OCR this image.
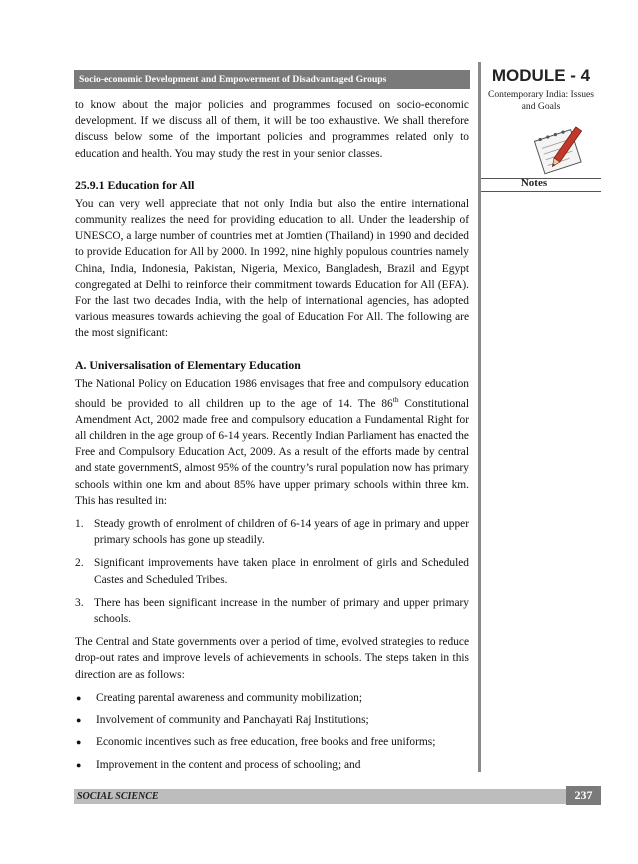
Socio-economic Development and Empowerment of Disadvantaged Groups	MODULE - 4
Contemporary India: Issues
and Goals
Notes

to know about the major policies and programmes focused on socio-economic development. If we discuss all of them, it will be too exhaustive. We shall therefore discuss below some of the important policies and programmes related only to education and health. You may study the rest in your senior classes.

25.9.1 Education for All

You can very well appreciate that not only India but also the entire international community realizes the need for providing education to all. Under the leadership of UNESCO, a large number of countries met at Jomtien (Thailand) in 1990 and decided to provide Education for All by 2000. In 1992, nine highly populous countries namely China, India, Indonesia, Pakistan, Nigeria, Mexico, Bangladesh, Brazil and Egypt congregated at Delhi to reinforce their commitment towards Education for All (EFA). For the last two decades India, with the help of international agencies, has adopted various measures towards achieving the goal of Education For All. The following are the most significant:

A. Universalisation of Elementary Education

The National Policy on Education 1986 envisages that free and compulsory education should be provided to all children up to the age of 14. The 86th Constitutional Amendment Act, 2002 made free and compulsory education a Fundamental Right for all children in the age group of 6-14 years. Recently Indian Parliament has enacted the Free and Compulsory Education Act, 2009. As a result of the efforts made by central and state governmentS, almost 95% of the country’s rural population now has primary schools within one km and about 85% have upper primary schools within three km. This has resulted in:

1. Steady growth of enrolment of children of 6-14 years of age in primary and upper primary schools has gone up steadily.
2. Significant improvements have taken place in enrolment of girls and Scheduled Castes and Scheduled Tribes.
3. There has been significant increase in the number of primary and upper primary schools.

The Central and State governments over a period of time, evolved strategies to reduce drop-out rates and improve levels of achievements in schools. The steps taken in this direction are as follows:

●	Creating parental awareness and community mobilization;
●	Involvement of community and Panchayati Raj Institutions;
●	Economic incentives such as free education, free books and free uniforms;
●	Improvement in the content and process of schooling; and
SOCIAL SCIENCE	237
